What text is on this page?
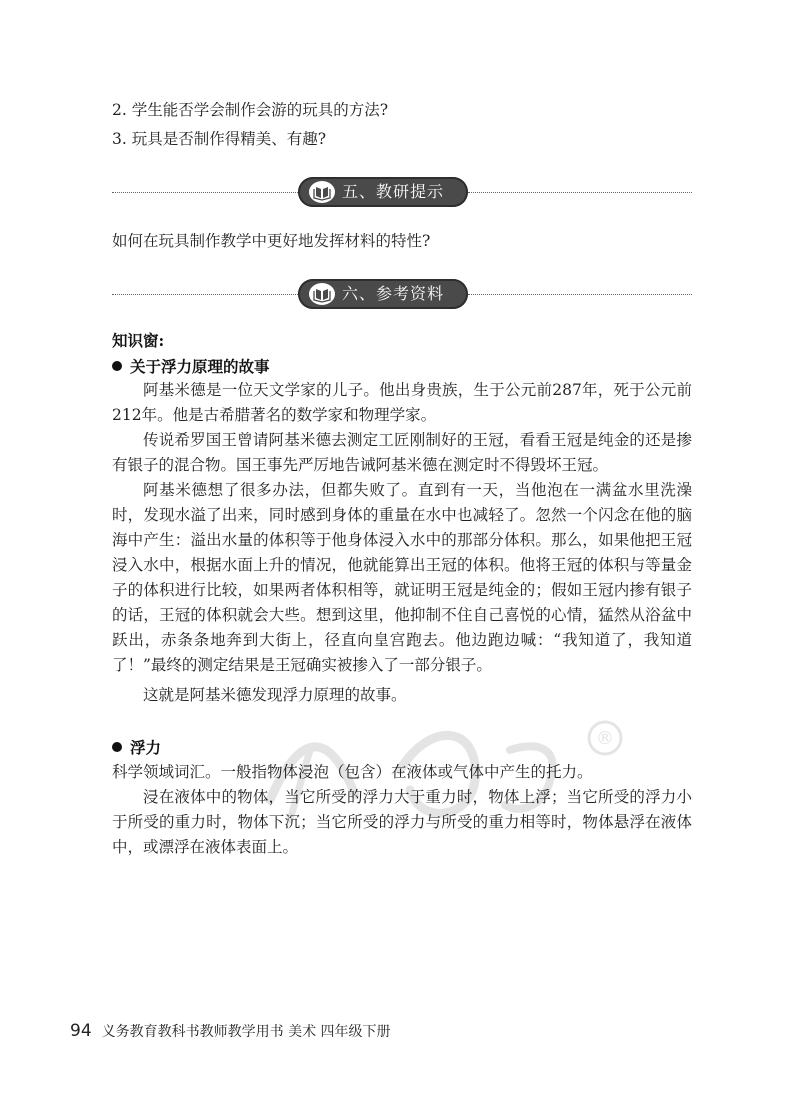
2. 学生能否学会制作会游的玩具的方法?
3. 玩具是否制作得精美、有趣?
五、教研提示
如何在玩具制作教学中更好地发挥材料的特性?
六、参考资料
知识窗:
关于浮力原理的故事
阿基米德是一位天文学家的儿子。他出身贵族，生于公元前287年，死于公元前212年。他是古希腊著名的数学家和物理学家。
传说希罗国王曾请阿基米德去测定工匠刚制好的王冠，看看王冠是纯金的还是掺有银子的混合物。国王事先严厉地告诫阿基米德在测定时不得毁坏王冠。
阿基米德想了很多办法，但都失败了。直到有一天，当他泡在一满盆水里洗澡时，发现水溢了出来，同时感到身体的重量在水中也减轻了。忽然一个闪念在他的脑海中产生：溢出水量的体积等于他身体浸入水中的那部分体积。那么，如果他把王冠浸入水中，根据水面上升的情况，他就能算出王冠的体积。他将王冠的体积与等量金子的体积进行比较，如果两者体积相等，就证明王冠是纯金的；假如王冠内掺有银子的话，王冠的体积就会大些。想到这里，他抑制不住自己喜悦的心情，猛然从浴盆中跃出，赤条条地奔到大街上，径直向皇宫跑去。他边跑边喊：“我知道了，我知道了！”最终的测定结果是王冠确实被掺入了一部分银子。
这就是阿基米德发现浮力原理的故事。
浮力
科学领域词汇。一般指物体浸泡（包含）在液体或气体中产生的托力。
浸在液体中的物体，当它所受的浮力大于重力时，物体上浮；当它所受的浮力小于所受的重力时，物体下沉；当它所受的浮力与所受的重力相等时，物体悬浮在液体中，或漂浮在液体表面上。
®
94 义务教育教科书教师教学用书 美术 四年级下册
